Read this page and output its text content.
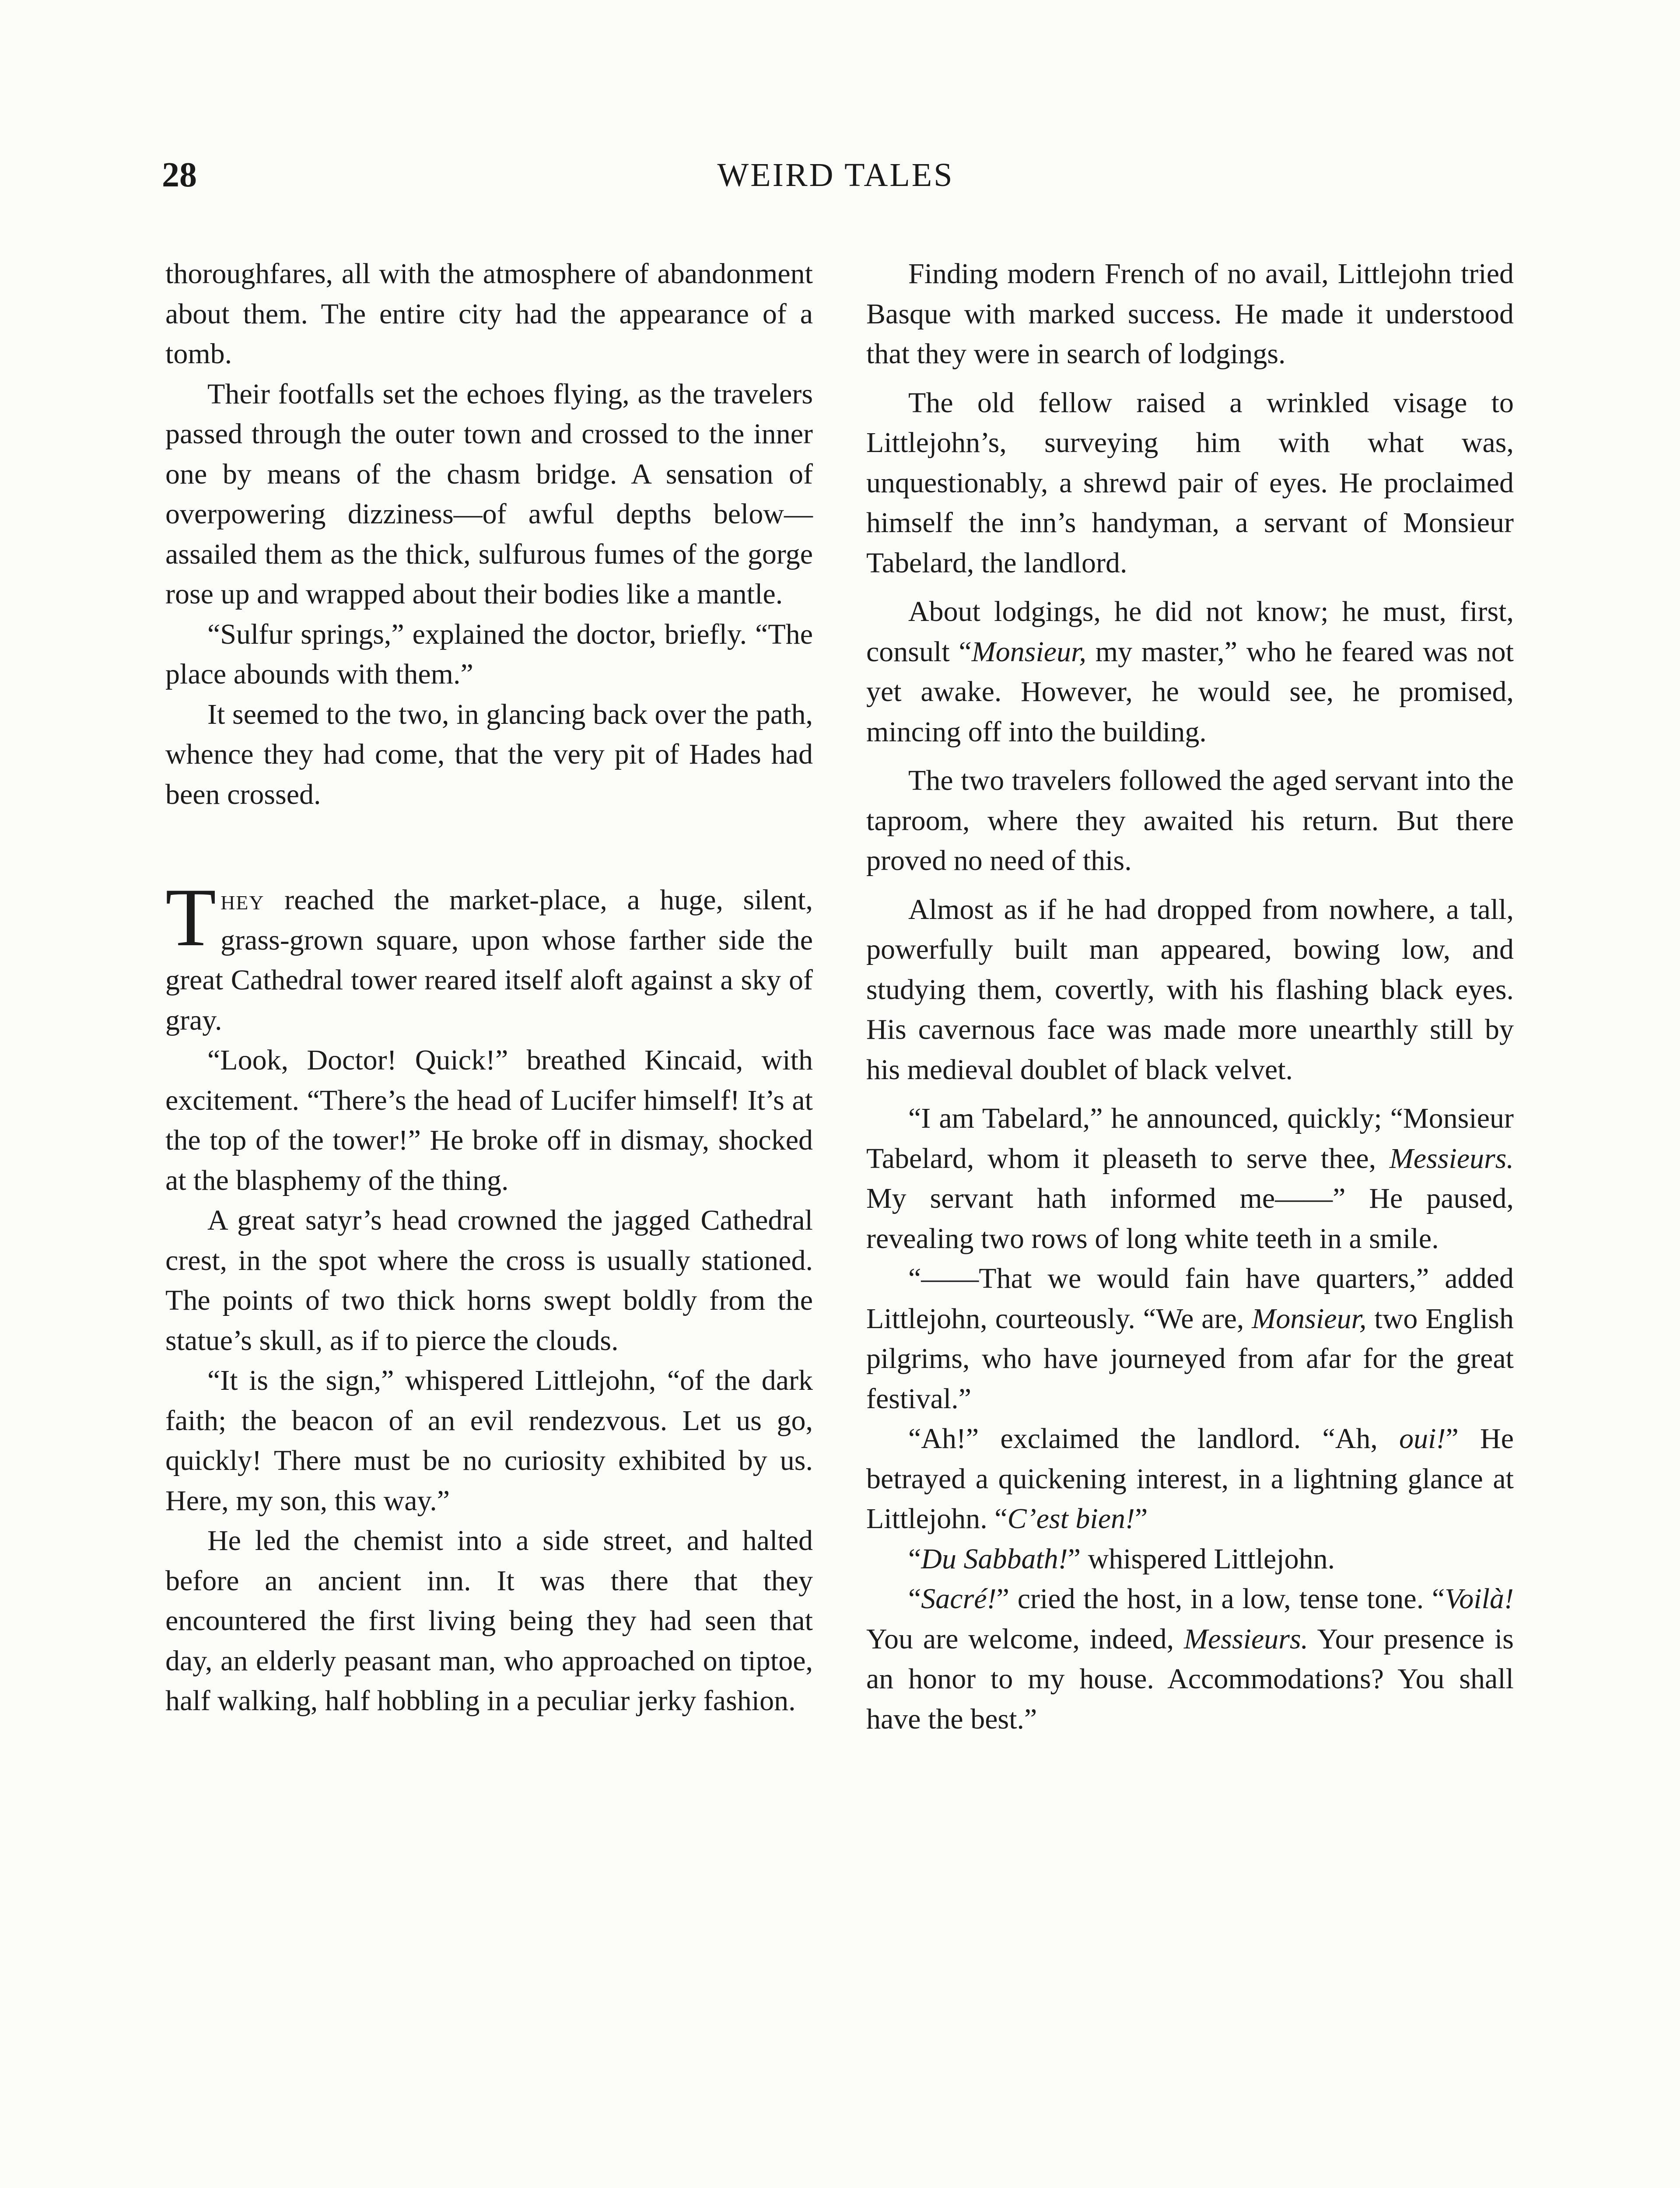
28	WEIRD TALES

thoroughfares, all with the atmosphere of abandonment about them. The entire city had the appearance of a tomb.

Their footfalls set the echoes flying, as the travelers passed through the outer town and crossed to the inner one by means of the chasm bridge. A sensation of overpowering dizziness—of awful depths below—assailed them as the thick, sulfurous fumes of the gorge rose up and wrapped about their bodies like a mantle.

“Sulfur springs,” explained the doctor, briefly. “The place abounds with them.”

It seemed to the two, in glancing back over the path, whence they had come, that the very pit of Hades had been crossed.

They reached the market-place, a huge, silent, grass-grown square, upon whose farther side the great Cathedral tower reared itself aloft against a sky of gray.

“Look, Doctor! Quick!” breathed Kincaid, with excitement. “There’s the head of Lucifer himself! It’s at the top of the tower!” He broke off in dismay, shocked at the blasphemy of the thing.

A great satyr’s head crowned the jagged Cathedral crest, in the spot where the cross is usually stationed. The points of two thick horns swept boldly from the statue’s skull, as if to pierce the clouds.

“It is the sign,” whispered Littlejohn, “of the dark faith; the beacon of an evil rendezvous. Let us go, quickly! There must be no curiosity exhibited by us. Here, my son, this way.”

He led the chemist into a side street, and halted before an ancient inn. It was there that they encountered the first living being they had seen that day, an elderly peasant man, who approached on tiptoe, half walking, half hobbling in a peculiar jerky fashion.

Finding modern French of no avail, Littlejohn tried Basque with marked success. He made it understood that they were in search of lodgings.

The old fellow raised a wrinkled visage to Littlejohn’s, surveying him with what was, unquestionably, a shrewd pair of eyes. He proclaimed himself the inn’s handyman, a servant of Monsieur Tabelard, the landlord.

About lodgings, he did not know; he must, first, consult “Monsieur, my master,” who he feared was not yet awake. However, he would see, he promised, mincing off into the building.

The two travelers followed the aged servant into the taproom, where they awaited his return. But there proved no need of this.

Almost as if he had dropped from nowhere, a tall, powerfully built man appeared, bowing low, and studying them, covertly, with his flashing black eyes. His cavernous face was made more unearthly still by his medieval doublet of black velvet.

“I am Tabelard,” he announced, quickly; “Monsieur Tabelard, whom it pleaseth to serve thee, Messieurs. My servant hath informed me——” He paused, revealing two rows of long white teeth in a smile.

“——That we would fain have quarters,” added Littlejohn, courteously. “We are, Monsieur, two English pilgrims, who have journeyed from afar for the great festival.”

“Ah!” exclaimed the landlord. “Ah, oui!” He betrayed a quickening interest, in a lightning glance at Littlejohn. “C’est bien!”

“Du Sabbath!” whispered Littlejohn.

“Sacré!” cried the host, in a low, tense tone. “Voilà! You are welcome, indeed, Messieurs. Your presence is an honor to my house. Accommodations? You shall have the best.”
